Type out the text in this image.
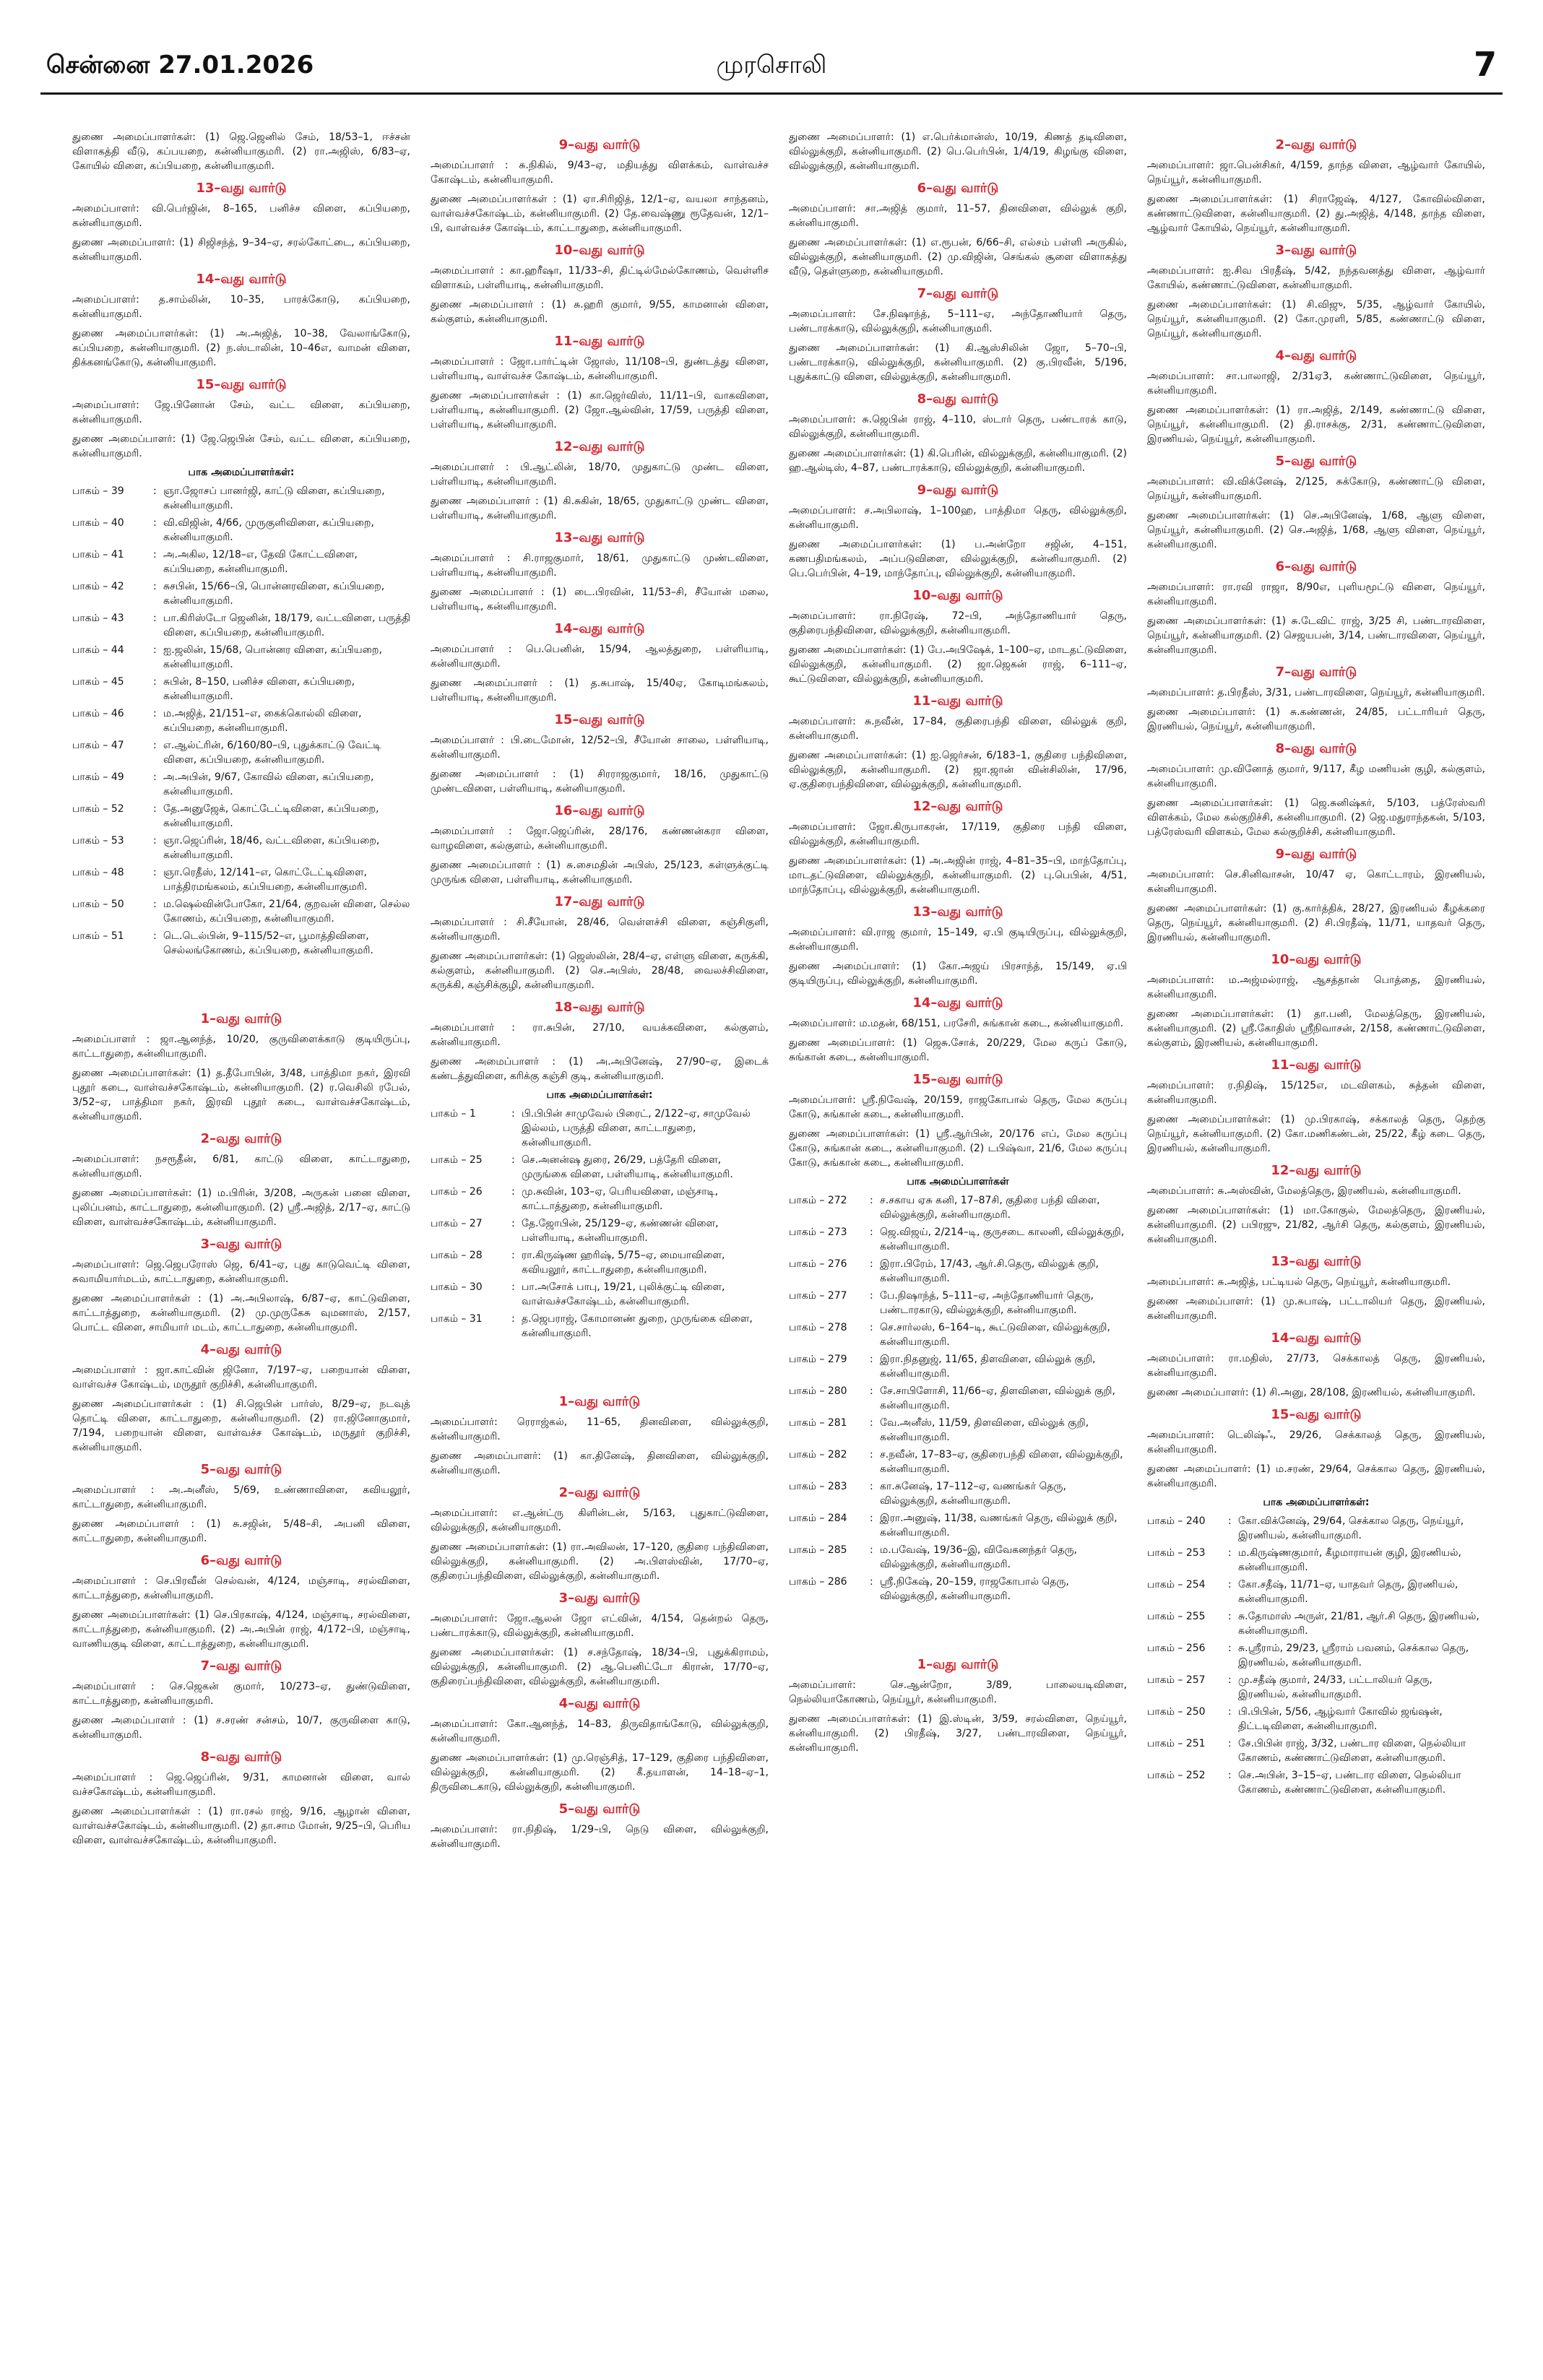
சென்னை 27.01.2026	முரசொலி	7

துணை அமைப்பாளர்கள்: (1) ஜெ.ஜெனில் சேம், 18/53–1, ஈச்சன் விளாகத்தி வீடு, கப்பயறை, கன்னியாகுமரி. (2) ரா.அஜிஸ், 6/83–ஏ, கோயில் விளை, கப்பியறை, கன்னியாகுமரி.

13–வது வார்டு

அமைப்பாளர்: வி.பெர்ஜின், 8–165, பனிச்ச விளை, கப்பியறை, கன்னியாகுமரி.

துணை அமைப்பாளர்: (1) சிஜிசந்த், 9–34–ஏ, சரல்கோட்டை, கப்பியறை, கன்னியாகுமரி.

14–வது வார்டு

அமைப்பாளர்: த.சாம்லின், 10–35, பாரக்கோடு, கப்பியறை, கன்னியாகுமரி.

துணை அமைப்பாளர்கள்: (1) அ.அஜித், 10–38, வேலாங்கோடு, கப்பியறை, கன்னியாகுமரி. (2) ந.ஸ்டாலின், 10–46எ, வாமன் விளை, திக்கனங்கோடு, கன்னியாகுமரி.

15–வது வார்டு

அமைப்பாளர்: ஜே.பினோன் சேம், வட்ட விளை, கப்பியறை, கன்னியாகுமரி.

துணை அமைப்பாளர்: (1) ஜே.ஜெபின் சேம், வட்ட விளை, கப்பியறை, கன்னியாகுமரி.

பாக அமைப்பாளர்கள்:
பாகம் – 39	: ஞா.ஜோசப் பானர்ஜி, காட்டு விளை, கப்பியறை, கன்னியாகுமரி.
பாகம் – 40	: வி.விஜின், 4/66, முருகுளிவிளை, கப்பியறை, கன்னியாகுமரி.
பாகம் – 41	: அ.அகில, 12/18–எ, தேவி கோட்டவிளை, கப்பியறை, கன்னியாகுமரி.
பாகம் – 42	: சுசபின், 15/66–பி, பொன்னரவிளை, கப்பியறை, கன்னியாகுமரி.
பாகம் – 43	: பா.கிரிஸ்டோ ஜெனின், 18/179, வட்டவிளை, பருத்தி விளை, கப்பியறை, கன்னியாகுமரி.
பாகம் – 44	: ஐ.ஜலின், 15/68, பொன்னர விளை, கப்பியறை, கன்னியாகுமரி.
பாகம் – 45	: சுபின், 8–150, பனிச்ச விளை, கப்பியறை, கன்னியாகுமரி.
பாகம் – 46	: ம.அஜித், 21/151–எ, கைக்கொல்லி விளை, கப்பியறை, கன்னியாகுமரி.
பாகம் – 47	: எ.ஆல்ட்ரின், 6/160/80–பி, புதுக்காட்டு வேட்டி விளை, கப்பியறை, கன்னியாகுமரி.
பாகம் – 49	: அ.அபின், 9/67, கோவில் விளை, கப்பியறை, கன்னியாகுமரி.
பாகம் – 52	: தே.அனுஜேக், கொட்டேட்டிவிளை, கப்பியறை, கன்னியாகுமரி.
பாகம் – 53	: ஞா.ஜெப்ரின், 18/46, வட்டவிளை, கப்பியறை, கன்னியாகுமரி.
பாகம் – 48	: ஞா.ரெதீஸ், 12/141–எ, கொட்டேட்டிவிளை, பாத்திரமங்கலம், கப்பியறை, கன்னியாகுமரி.
பாகம் – 50	: ம.ஷெல்வின்போகோ, 21/64, குறவன் விளை, செல்ல கோணம், கப்பியறை, கன்னியாகுமரி.
பாகம் – 51	: டெ.டெல்பின், 9–115/52–எ, பூமாத்திவிளை, செல்லங்கோணம், கப்பியறை, கன்னியாகுமரி.
1–வது வார்டு

அமைப்பாளர் : ஜா.ஆனந்த், 10/20, குருவிளைக்காடு குடியிருப்பு, காட்டாதுறை, கன்னியாகுமரி.

துணை அமைப்பாளர்கள்: (1) த.தீபோபின், 3/48, பாத்திமா நகர், இரவி புதூர் கடை, வாள்வச்சகோஷ்டம், கன்னியாகுமரி. (2) ர.வெசிலி ரபேல், 3/52–ஏ, பாத்திமா நகர், இரவி புதூர் கடை, வாள்வச்சகோஷ்டம், கன்னியாகுமரி.

2–வது வார்டு

அமைப்பாளர்: நசரூதீன், 6/81, காட்டு விளை, காட்டாதுறை, கன்னியாகுமரி.

துணை அமைப்பாளர்கள்: (1) ம.பிரின், 3/208, அருகன் பனை விளை, புலிப்பனம், காட்டாதுறை, கன்னியாகுமரி. (2) ஸ்ரீ.அஜித், 2/17–ஏ, காட்டு விளை, வாள்வச்சகோஷ்டம், கன்னியாகுமரி.

3–வது வார்டு

அமைப்பாளர்: ஜெ.ஜெபரோஸ் ஜெ, 6/41–ஏ, புது காடுவெட்டி விளை, சுவாமியார்மடம், காட்டாதுறை, கன்னியாகுமரி.

துணை அமைப்பாளர்கள் : (1) அ.அபிலாஷ், 6/87–ஏ, காட்டுவிளை, காட்டாத்துறை, கன்னியாகுமரி. (2) மு.முருகேசு வுமனாஸ், 2/157, பொட்ட விளை, சாமியார் மடம், காட்டாதுறை, கன்னியாகுமரி.

4–வது வார்டு

அமைப்பாளர் : ஜா.காட்வின் ஜினோ, 7/197–ஏ, பறையான் விளை, வாள்வச்ச கோஷ்டம், மருதூர் குறிச்சி, கன்னியாகுமரி.

துணை அமைப்பாளர்கள் : (1) சி.ஜெபின் பார்ஸ், 8/29–ஏ, நடவுத் தொட்டி விளை, காட்டாதுறை, கன்னியாகுமரி. (2) ரா.ஜினோகுமார், 7/194, பறையான் விளை, வாள்வச்ச கோஷ்டம், மருதூர் குறிச்சி, கன்னியாகுமரி.

5–வது வார்டு

அமைப்பாளர் : அ.அனீஸ், 5/69, உண்ணாவிளை, கவியலூர், காட்டாதுறை, கன்னியாகுமரி.

துணை அமைப்பாளர் : (1) சு.சஜின், 5/48–சி, அபனி விளை, காட்டாதுறை, கன்னியாகுமரி.

6–வது வார்டு

அமைப்பாளர் : செ.பிரவீன் செல்வன், 4/124, மஞ்சாடி, சரல்விளை, காட்டாத்துறை, கன்னியாகுமரி.

துணை அமைப்பாளர்கள்: (1) செ.பிரகாஷ், 4/124, மஞ்சாடி, சரல்விளை, காட்டாத்துறை, கன்னியாகுமரி. (2) அ.அபின் ராஜ், 4/172–பி, மஞ்சாடி, வாணியகுடி விளை, காட்டாத்துறை, கன்னியாகுமரி.

7–வது வார்டு

அமைப்பாளர் : செ.ஜெகன் குமார், 10/273–ஏ, துண்டுவிளை, காட்டாத்துறை, கன்னியாகுமரி.

துணை அமைப்பாளர் : (1) ச.சரண் சன்சம், 10/7, குருவிளை காடு, கன்னியாகுமரி.

8–வது வார்டு

அமைப்பாளர் : ஜெ.ஜெப்ரின், 9/31, காமனான் விளை, வால் வச்சகோஷ்டம், கன்னியாகுமரி.

துணை அமைப்பாளர்கள் : (1) ரா.ரசல் ராஜ், 9/16, ஆழான் விளை, வாள்வச்சகோஷ்டம், கன்னியாகுமரி. (2) தா.சாம மோன், 9/25–பி, பெரிய விளை, வாள்வச்சகோஷ்டம், கன்னியாகுமரி.

9–வது வார்டு

அமைப்பாளர் : சு.நிகில், 9/43–ஏ, மதியத்து விளக்கம், வாள்வச்ச கோஷ்டம், கன்னியாகுமரி.

துணை அமைப்பாளர்கள் : (1) ஏா.சிரிஜித், 12/1–ஏ, வயலா சாந்தனம், வாள்வச்சகோஷ்டம், கன்னியாகுமரி. (2) தே.வைஷ்ணு ரூதேவன், 12/1–பி, வாள்வச்ச கோஷ்டம், காட்டாதுறை, கன்னியாகுமரி.

10–வது வார்டு

அமைப்பாளர் : கா.ஹரீஷா, 11/33–சி, திட்டில்மேல்கோணம், வெள்ளிச விளாகம், பள்ளியாடி, கன்னியாகுமரி.

துணை அமைப்பாளர் : (1) சு.ஹரி குமார், 9/55, காமனான் விளை, கல்குளம், கன்னியாகுமரி.

11–வது வார்டு

அமைப்பாளர் : ஜோ.பார்ட்டின் ஜோஸ், 11/108–பி, துண்டத்து விளை, பள்ளியாடி, வாள்வச்ச கோஷ்டம், கன்னியாகுமரி.

துணை அமைப்பாளர்கள் : (1) கா.ஜெர்விஸ், 11/11–பி, வாகவிளை, பள்ளியாடி, கன்னியாகுமரி. (2) ஜோ.ஆல்வின், 17/59, பருத்தி விளை, பள்ளியாடி, கன்னியாகுமரி.

12–வது வார்டு

அமைப்பாளர் : பி.ஆட்லின், 18/70, முதுகாட்டு முண்ட விளை, பள்ளியாடி, கன்னியாகுமரி.

துணை அமைப்பாளர் : (1) கி.சுகின், 18/65, முதுகாட்டு முண்ட விளை, பள்ளியாடி, கன்னியாகுமரி.

13–வது வார்டு

அமைப்பாளர் : சி.ராஜகுமார், 18/61, முதுகாட்டு முண்டவிளை, பள்ளியாடி, கன்னியாகுமரி.

துணை அமைப்பாளர் : (1) டை.பிரவின், 11/53–சி, சீயோன் மலை, பள்ளியாடி, கன்னியாகுமரி.

14–வது வார்டு

அமைப்பாளர் : பெ.பெனின், 15/94, ஆலத்துறை, பள்ளியாடி, கன்னியாகுமரி.

துணை அமைப்பாளர் : (1) த.சுபாஷ், 15/40ஏ, கோடிமங்கலம், பள்ளியாடி, கன்னியாகுமரி.

15–வது வார்டு

அமைப்பாளர் : பி.டைமோன், 12/52–பி, சீயோன் சாலை, பள்ளியாடி, கன்னியாகுமரி.

துணை அமைப்பாளர் : (1) சிரராஜகுமார், 18/16, முதுகாட்டு முண்டவிளை, பள்ளியாடி, கன்னியாகுமரி.

16–வது வார்டு

அமைப்பாளர் : ஜோ.ஜெப்ரின், 28/176, கண்ணன்கரா விளை, வாழவிளை, கல்குளம், கன்னியாகுமரி.

துணை அமைப்பாளர் : (1) சு.சைமதின் அபிஸ், 25/123, கள்ளுக்குட்டி முருங்க விளை, பள்ளியாடி, கன்னியாகுமரி.

17–வது வார்டு

அமைப்பாளர் : சி.சீயோன், 28/46, வெள்ளச்சி விளை, கஞ்சிகுளி, கன்னியாகுமரி.

துணை அமைப்பாளர்கள்: (1) ஜெஸ்லின், 28/4–ஏ, எள்ளு விளை, கருக்கி, கல்குளம், கன்னியாகுமரி. (2) செ.அபிஸ், 28/48, வைலச்சிவிளை, கருக்கி, கஞ்சிக்குழி, கன்னியாகுமரி.

18–வது வார்டு

அமைப்பாளர் : ரா.சுபின், 27/10, வயக்கவிளை, கல்குளம், கன்னியாகுமரி.

துணை அமைப்பாளர் : (1) அ.அபினேஷ், 27/90–ஏ, இடைக் கண்டத்துவிளை, கரிக்கு கஞ்சி குடி, கன்னியாகுமரி.

பாக அமைப்பாளர்கள்:
பாகம் – 1	: பி.பிபின் சாமுவேல் பிரைட், 2/122–ஏ, சாமுவேல் இல்லம், பருத்தி விளை, காட்டாதுறை, கன்னியாகுமரி.
பாகம் – 25	: செ.அனன்ஷ துரை, 26/29, பத்தேரி விளை, முருங்கை விளை, பள்ளியாடி, கன்னியாகுமரி.
பாகம் – 26	: மு.சுவின், 103–ஏ, பெரியவிளை, மஞ்சாடி, காட்டாத்துறை, கன்னியாகுமரி.
பாகம் – 27	: தே.ஜோபின், 25/129–ஏ, கண்ணன் விளை, பள்ளியாடி, கன்னியாகுமரி.
பாகம் – 28	: ரா.கிருஷ்ண ஹரிஷ், 5/75–ஏ, மையாவிளை, கவியலூர், காட்டாதுறை, கன்னியாகுமரி.
பாகம் – 30	: பா.அசோக் பாபு, 19/21, புலிக்குட்டி விளை, வாள்வச்சகோஷ்டம், கன்னியாகுமரி.
பாகம் – 31	: த.ஜெபராஜ், கோமானண் துறை, முருங்கை விளை, கன்னியாகுமரி.
1–வது வார்டு

அமைப்பாளர்: ரெராஜ்கல், 11–65, தினவிளை, வில்லுக்குறி, கன்னியாகுமரி.

துணை அமைப்பாளர்: (1) கா.தினேஷ், தினவிளை, வில்லுக்குறி, கன்னியாகுமரி.

2–வது வார்டு

அமைப்பாளர்: எ.ஆன்ட்ரு கிளின்டன், 5/163, புதுகாட்டுவிளை, வில்லுக்குறி, கன்னியாகுமரி.

துணை அமைப்பாளர்கள்: (1) ரா.அவிலன், 17–120, குதிரை பந்திவிளை, வில்லுக்குறி, கன்னியாகுமரி. (2) அ.பிளஸ்வின், 17/70–ஏ, குதிரைப்பந்திவிளை, வில்லுக்குறி, கன்னியாகுமரி.

3–வது வார்டு

அமைப்பாளர்: ஜோ.ஆலன் ஜோ எட்வின், 4/154, தென்றல் தெரு, பண்டாரக்காடு, வில்லுக்குறி, கன்னியாகுமரி.

துணை அமைப்பாளர்கள்: (1) ச.சந்தோஷ், 18/34–பி, புதுக்கிராமம், வில்லுக்குறி, கன்னியாகுமரி. (2) ஆ.பெனிட்டோ கிரான், 17/70–ஏ, குதிரைப்பந்திவிளை, வில்லுக்குறி, கன்னியாகுமரி.

4–வது வார்டு

அமைப்பாளர்: கோ.ஆனந்த், 14–83, திருவிதாங்கோடு, வில்லுக்குறி, கன்னியாகுமரி.

துணை அமைப்பாளர்கள்: (1) மு.ரெஞ்சித், 17–129, குதிரை பந்திவிளை, வில்லுக்குறி, கன்னியாகுமரி. (2) கீ.தயாளன், 14–18–ஏ–1, திருவிடைகாடு, வில்லுக்குறி, கன்னியாகுமரி.

5–வது வார்டு

அமைப்பாளர்: ரா.நிதிஷ், 1/29–பி, நெடு விளை, வில்லுக்குறி, கன்னியாகுமரி.

துணை அமைப்பாளர்: (1) எ.பெர்க்மான்ஸ், 10/19, கிணத் தடிவிளை, வில்லுக்குறி, கன்னியாகுமரி. (2) பெ.பெர்பின், 1/4/19, கிழங்கு விளை, வில்லுக்குறி, கன்னியாகுமரி.

6–வது வார்டு

அமைப்பாளர்: சா.அஜித் குமார், 11–57, தினவிளை, வில்லுக் குறி, கன்னியாகுமரி.

துணை அமைப்பாளர்கள்: (1) எ.ரூபன், 6/66–சி, எல்சம் பள்ளி அருகில், வில்லுக்குறி, கன்னியாகுமரி. (2) மு.விஜின், செங்கல் சூளை விளாகத்து வீடு, தெள்ளுறை, கன்னியாகுமரி.

7–வது வார்டு

அமைப்பாளர்: சே.நிஷாந்த், 5–111–ஏ, அந்தோணியார் தெரு, பண்டாரக்காடு, வில்லுக்குறி, கன்னியாகுமரி.

துணை அமைப்பாளர்கள்: (1) கி.ஆஸ்சிலின் ஜோ, 5–70–பி, பண்டாரக்காடு, வில்லுக்குறி, கன்னியாகுமரி. (2) கு.பிரவீன், 5/196, புதுக்காட்டு விளை, வில்லுக்குறி, கன்னியாகுமரி.

8–வது வார்டு

அமைப்பாளர்: சு.ஜெபின் ராஜ், 4–110, ஸ்டார் தெரு, பண்டாரக் காடு, வில்லுக்குறி, கன்னியாகுமரி.

துணை அமைப்பாளர்கள்: (1) கி.பெரின், வில்லுக்குறி, கன்னியாகுமரி. (2) ஹ.ஆல்டிஸ், 4–87, பண்டாரக்காடு, வில்லுக்குறி, கன்னியாகுமரி.

9–வது வார்டு

அமைப்பாளர்: ச.அபிலாஷ், 1–100ஹ, பாத்திமா தெரு, வில்லுக்குறி, கன்னியாகுமரி.

துணை அமைப்பாளர்கள்: (1) ப.அன்றோ சஜின், 4–151, கணபதிமங்கலம், அப்படுவிளை, வில்லுக்குறி, கன்னியாகுமரி. (2) பெ.பெர்பின், 4–19, மாந்தோப்பு, வில்லுக்குறி, கன்னியாகுமரி.

10–வது வார்டு

அமைப்பாளர்: ரா.நிரேஷ், 72–பி, அந்தோணியார் தெரு, குதிரைபந்திவிளை, வில்லுக்குறி, கன்னியாகுமரி.

துணை அமைப்பாளர்கள்: (1) பே.அபிஷேக், 1–100–ஏ, மாடதட்டுவிளை, வில்லுக்குறி, கன்னியாகுமரி. (2) ஜா.ஜெகன் ராஜ், 6–111–ஏ, கூட்டுவிளை, வில்லுக்குறி, கன்னியாகுமரி.

11–வது வார்டு

அமைப்பாளர்: சு.நவீன், 17–84, குதிரைபந்தி விளை, வில்லுக் குறி, கன்னியாகுமரி.

துணை அமைப்பாளர்கள்: (1) ஐ.ஜெர்சன், 6/183–1, குதிரை பந்திவிளை, வில்லுக்குறி, கன்னியாகுமரி. (2) ஜா.ஜான் வின்சிலின், 17/96, ஏ.குதிரைபந்திவிளை, வில்லுக்குறி, கன்னியாகுமரி.

12–வது வார்டு

அமைப்பாளர்: ஜோ.கிருபாகரன், 17/119, குதிரை பந்தி விளை, வில்லுக்குறி, கன்னியாகுமரி.

துணை அமைப்பாளர்கள்: (1) அ.அஜின் ராஜ், 4–81–35–பி, மாந்தோப்பு, மாடதட்டுவிளை, வில்லுக்குறி, கன்னியாகுமரி. (2) பு.பெபின், 4/51, மாந்தோப்பு, வில்லுக்குறி, கன்னியாகுமரி.

13–வது வார்டு

அமைப்பாளர்: வி.ராஜ குமார், 15–149, ஏ.பி குடியிருப்பு, வில்லுக்குறி, கன்னியாகுமரி.

துணை அமைப்பாளர்: (1) கோ.அஜய் பிரசாந்த், 15/149, ஏ.பி குடியிருப்பு, வில்லுக்குறி, கன்னியாகுமரி.

14–வது வார்டு

அமைப்பாளர்: ம.மதன், 68/151, பரசேரி, சுங்கான் கடை, கன்னியாகுமரி.

துணை அமைப்பாளர்: (1) ஜெசு.சோக், 20/229, மேல கருப் கோடு, சுங்கான் கடை, கன்னியாகுமரி.

15–வது வார்டு

அமைப்பாளர்: ஸ்ரீ.நிவேஷ், 20/159, ராஜகோபால் தெரு, மேல கருப்பு கோடு, சுங்கான் கடை, கன்னியாகுமரி.

துணை அமைப்பாளர்கள்: (1) ஸ்ரீ.ஆர்பின், 20/176 எப், மேல கருப்பு கோடு, சுங்கான் கடை, கன்னியாகுமரி. (2) டபிஷ்வா, 21/6, மேல கருப்பு கோடு, சுங்கான் கடை, கன்னியாகுமரி.

பாக அமைப்பாளர்கள்
பாகம் – 272	: ச.சகாய ஏசு கனி, 17–87சி, குதிரை பந்தி விளை, வில்லுக்குறி, கன்னியாகுமரி.
பாகம் – 273	: ஜெ.விஜய், 2/214–டி, குருசடை காலனி, வில்லுக்குறி, கன்னியாகுமரி.
பாகம் – 276	: இரா.பிரேம், 17/43, ஆர்.சி.தெரு, வில்லுக் குறி, கன்னியாகுமரி.
பாகம் – 277	: பே.நிஷாந்த், 5–111–ஏ, அந்தோணியார் தெரு, பண்டாரகாடு, வில்லுக்குறி, கன்னியாகுமரி.
பாகம் – 278	: செ.சார்லஸ், 6–164–டி, கூட்டுவிளை, வில்லுக்குறி, கன்னியாகுமரி.
பாகம் – 279	: இரா.நிதனுஜ், 11/65, திளவிளை, வில்லுக் குறி, கன்னியாகுமரி.
பாகம் – 280	: சே.சாபிளோசி, 11/66–ஏ, திளவிளை, வில்லுக் குறி, கன்னியாகுமரி.
பாகம் – 281	: வே.அனீஸ், 11/59, திளவிளை, வில்லுக் குறி, கன்னியாகுமரி.
பாகம் – 282	: ச.நவீன், 17–83–ஏ, குதிரைபந்தி விளை, வில்லுக்குறி, கன்னியாகுமரி.
பாகம் – 283	: கா.சுனேஷ், 17–112–ஏ, வணங்கர் தெரு, வில்லுக்குறி, கன்னியாகுமரி.
பாகம் – 284	: இரா.அனுஷ், 11/38, வணங்கர் தெரு, வில்லுக் குறி, கன்னியாகுமரி.
பாகம் – 285	: ம.பவேஷ், 19/36–இ, விவேகனந்தர் தெரு, வில்லுக்குறி, கன்னியாகுமரி.
பாகம் – 286	: ஸ்ரீ.நிகேஷ், 20–159, ராஜகோபால் தெரு, வில்லுக்குறி, கன்னியாகுமரி.
1–வது வார்டு

அமைப்பாளர்: செ.ஆன்றோ, 3/89, பாலையடிவிளை, நெல்லியாகோணம், நெய்யூர், கன்னியாகுமரி.

துணை அமைப்பாளர்கள்: (1) இ.ஸ்டின், 3/59, சரல்விளை, நெய்யூர், கன்னியாகுமரி. (2) பிரதீஷ், 3/27, பண்டாரவிளை, நெய்யூர், கன்னியாகுமரி.

2–வது வார்டு

அமைப்பாளர்: ஜா.பென்சிகர், 4/159, தாந்த விளை, ஆழ்வார் கோயில், நெய்யூர், கன்னியாகுமரி.

துணை அமைப்பாளர்கள்: (1) சிராஜேஷ், 4/127, கோவில்விளை, கண்ணாட்டுவிளை, கன்னியாகுமரி. (2) து.அஜித், 4/148, தாந்த விளை, ஆழ்வார் கோயில், நெய்யூர், கன்னியாகுமரி.

3–வது வார்டு

அமைப்பாளர்: ஐ.சிவ பிரதீஷ், 5/42, நந்தவனத்து விளை, ஆழ்வார் கோயில், கண்ணாட்டுவிளை, கன்னியாகுமரி.

துணை அமைப்பாளர்கள்: (1) சி.விஜு, 5/35, ஆழ்வார் கோயில், நெய்யூர், கன்னியாகுமரி. (2) கோ.முரளி, 5/85, கண்ணாட்டு விளை, நெய்யூர், கன்னியாகுமரி.

4–வது வார்டு

அமைப்பாளர்: சா.பாலாஜி, 2/31ஏ3, கண்ணாட்டுவிளை, நெய்யூர், கன்னியாகுமரி.

துணை அமைப்பாளர்கள்: (1) ரா.அஜித், 2/149, கண்ணாட்டு விளை, நெய்யூர், கன்னியாகுமரி. (2) தி.ராசக்கு, 2/31, கண்ணாட்டுவிளை, இரணியல், நெய்யூர், கன்னியாகுமரி.

5–வது வார்டு

அமைப்பாளர்: வி.விக்னேஷ், 2/125, சுக்கோடு, கண்ணாட்டு விளை, நெய்யூர், கன்னியாகுமரி.

துணை அமைப்பாளர்கள்: (1) செ.அபினேஷ், 1/68, ஆளு விளை, நெய்யூர், கன்னியாகுமரி. (2) செ.அஜித், 1/68, ஆளு விளை, நெய்யூர், கன்னியாகுமரி.

6–வது வார்டு

அமைப்பாளர்: ரா.ரவி ராஜா, 8/90எ, புளியமூட்டு விளை, நெய்யூர், கன்னியாகுமரி.

துணை அமைப்பாளர்கள்: (1) சு.டேவிட் ராஜ், 3/25 சி, பண்டாரவிளை, நெய்யூர், கன்னியாகுமரி. (2) செஜயபன், 3/14, பண்டாரவிளை, நெய்யூர், கன்னியாகுமரி.

7–வது வார்டு

அமைப்பாளர்: த.பிரதீஸ், 3/31, பண்டாரவிளை, நெய்யூர், கன்னியாகுமரி.

துணை அமைப்பாளர்: (1) சு.கண்ணன், 24/85, பட்டாரியர் தெரு, இரணியல், நெய்யூர், கன்னியாகுமரி.

8–வது வார்டு

அமைப்பாளர்: மு.வினோத் குமார், 9/117, கீழ மணியன் குழி, கல்குளம், கன்னியாகுமரி.

துணை அமைப்பாளர்கள்: (1) ஜெ.சுனிஷ்கர், 5/103, பத்ரேஸ்வரி விளக்கம், மேல கல்குறிச்சி, கன்னியாகுமரி. (2) ஜெ.மதுராந்தகன், 5/103, பத்ரேஸ்வரி விளகம், மேல கல்குறிச்சி, கன்னியாகுமரி.

9–வது வார்டு

அமைப்பாளர்: செ.சினிவாசன், 10/47 ஏ, கொட்டாரம், இரணியல், கன்னியாகுமரி.

துணை அமைப்பாளர்கள்: (1) கு.கார்த்திக், 28/27, இரணியல் கீழக்கரை தெரு, நெய்யூர், கன்னியாகுமரி. (2) சி.பிரதீஷ், 11/71, யாதவர் தெரு, இரணியல், கன்னியாகுமரி.

10–வது வார்டு

அமைப்பாளர்: ம.அஜ்மல்ராஜ், ஆசத்தான் பொத்தை, இரணியல், கன்னியாகுமரி.

துணை அமைப்பாளர்கள்: (1) தா.பனி, மேலத்தெரு, இரணியல், கன்னியாகுமரி. (2) ஸ்ரீ.கோதிஸ் ஸ்ரீநிவாசன், 2/158, கண்ணாட்டுவிளை, கல்குளம், இரணியல், கன்னியாகுமரி.

11–வது வார்டு

அமைப்பாளர்: ர.நிதிஷ், 15/125எ, மடவிளகம், சுத்தன் விளை, கன்னியாகுமரி.

துணை அமைப்பாளர்கள்: (1) மு.பிரகாஷ், சக்காலத் தெரு, தெற்கு நெய்யூர், கன்னியாகுமரி. (2) கோ.மணிகண்டன், 25/22, கீழ் கடை தெரு, இரணியல், கன்னியாகுமரி.

12–வது வார்டு

அமைப்பாளர்: சு.அஸ்வின், மேலத்தெரு, இரணியல், கன்னியாகுமரி.

துணை அமைப்பாளர்கள்: (1) மா.கோகுல், மேலத்தெரு, இரணியல், கன்னியாகுமரி. (2) பபிரஜு, 21/82, ஆர்சி தெரு, கல்குளம், இரணியல், கன்னியாகுமரி.

13–வது வார்டு

அமைப்பாளர்: சு.அஜித், பட்டியல் தெரு, நெய்யூர், கன்னியாகுமரி.

துணை அமைப்பாளர்: (1) மு.சுபாஷ், பட்டாலியர் தெரு, இரணியல், கன்னியாகுமரி.

14–வது வார்டு

அமைப்பாளர்: ரா.மதிஸ், 27/73, செக்காலத் தெரு, இரணியல், கன்னியாகுமரி.

துணை அமைப்பாளர்: (1) சி.அனு, 28/108, இரணியல், கன்னியாகுமரி.

15–வது வார்டு

அமைப்பாளர்: டெலிஷ்ஃ, 29/26, செக்காலத் தெரு, இரணியல், கன்னியாகுமரி.

துணை அமைப்பாளர்: (1) ம.சரண், 29/64, செக்கால தெரு, இரணியல், கன்னியாகுமரி.

பாக அமைப்பாளர்கள்:
பாகம் – 240	: கோ.விக்னேஷ், 29/64, செக்கால தெரு, நெய்யூர், இரணியல், கன்னியாகுமரி.
பாகம் – 253	: ம.கிருஷ்ணகுமார், கீழமாராயன் குழி, இரணியல், கன்னியாகுமரி.
பாகம் – 254	: கோ.சதீஷ், 11/71–ஏ, யாதவர் தெரு, இரணியல், கன்னியாகுமரி.
பாகம் – 255	: சு.தோமாஸ் அருள், 21/81, ஆர்.சி தெரு, இரணியல், கன்னியாகுமரி.
பாகம் – 256	: சு.ஸ்ரீராம், 29/23, ஸ்ரீராம் பவனம், செக்கால தெரு, இரணியல், கன்னியாகுமரி.
பாகம் – 257	: மு.சதீஷ் குமார், 24/33, பட்டாலியர் தெரு, இரணியல், கன்னியாகுமரி.
பாகம் – 250	: பி.பிபின், 5/56, ஆழ்வார் கோவில் ஜங்ஷன், திட்டடிவிளை, கன்னியாகுமரி.
பாகம் – 251	: சே.பிபின் ராஜ், 3/32, பண்டார விளை, நெல்லியா கோணம், கண்ணாட்டுவிளை, கன்னியாகுமரி.
பாகம் – 252	: செ.அபின், 3–15–ஏ, பண்டார விளை, நெல்லியா கோணம், கண்ணாட்டுவிளை, கன்னியாகுமரி.
